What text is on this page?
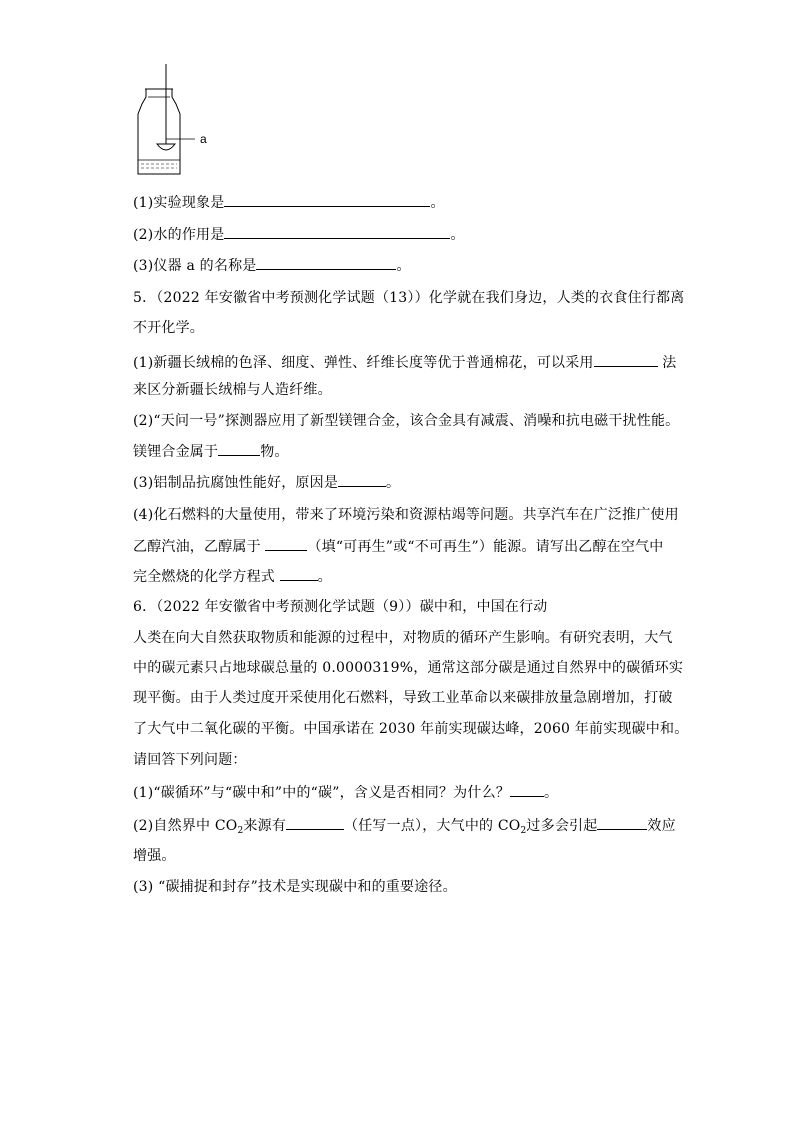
a
(1)实验现象是	。
(2)水的作用是	。
(3)仪器 a 的名称是	。
5．（2022 年安徽省中考预测化学试题（13））化学就在我们身边，人类的衣食住行都离
不开化学。
(1)新疆长绒棉的色泽、细度、弹性、纤维长度等优于普通棉花，可以采用	法
来区分新疆长绒棉与人造纤维。
(2)“天问一号”探测器应用了新型镁锂合金，该合金具有减震、消噪和抗电磁干扰性能。
镁锂合金属于	物。
(3)铝制品抗腐蚀性能好，原因是	。
(4)化石燃料的大量使用，带来了环境污染和资源枯竭等问题。共享汽车在广泛推广使用
乙醇汽油，乙醇属于	（填“可再生”或“不可再生”）能源。请写出乙醇在空气中
完全燃烧的化学方程式	。
6．（2022 年安徽省中考预测化学试题（9））碳中和，中国在行动
人类在向大自然获取物质和能源的过程中，对物质的循环产生影响。有研究表明，大气
中的碳元素只占地球碳总量的 0.0000319%，通常这部分碳是通过自然界中的碳循环实
现平衡。由于人类过度开采使用化石燃料，导致工业革命以来碳排放量急剧增加，打破
了大气中二氧化碳的平衡。中国承诺在 2030 年前实现碳达峰，2060 年前实现碳中和。
请回答下列问题：
(1)“碳循环”与“碳中和”中的“碳”，含义是否相同？为什么？ 。
(2)自然界中 $CO_2$来源有	（任写一点），大气中的 $CO_2$过多会引起	效应
增强。
(3) “碳捕捉和封存”技术是实现碳中和的重要途径。
